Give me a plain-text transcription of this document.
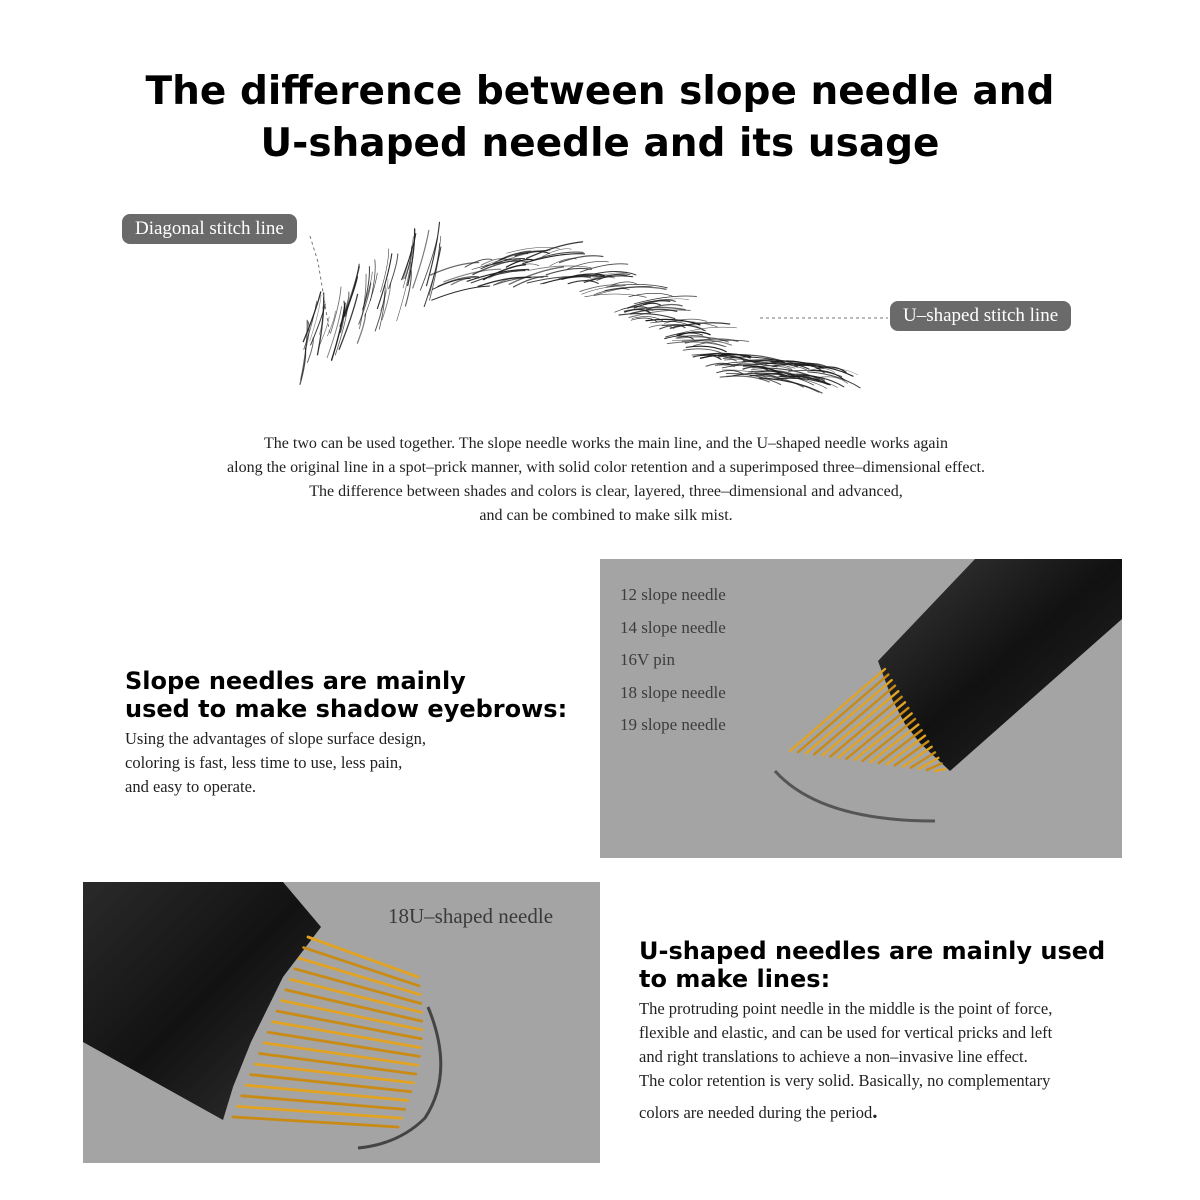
The difference between slope needle and
U-shaped needle and its usage
Diagonal stitch line
U–shaped stitch line
The two can be used together. The slope needle works the main line, and the U–shaped needle works again
along the original line in a spot–prick manner, with solid color retention and a superimposed three–dimensional effect.
The difference between shades and colors is clear, layered, three–dimensional and advanced,
and can be combined to make silk mist.
12 slope needle
14 slope needle
16V pin
18 slope needle
19 slope needle
Slope needles are mainly
used to make shadow eyebrows:
Using the advantages of slope surface design,
coloring is fast, less time to use, less pain,
and easy to operate.
18U–shaped needle
U-shaped needles are mainly used
to make lines:
The protruding point needle in the middle is the point of force,
flexible and elastic, and can be used for vertical pricks and left
and right translations to achieve a non–invasive line effect.
The color retention is very solid. Basically, no complementary
colors are needed during the period.
